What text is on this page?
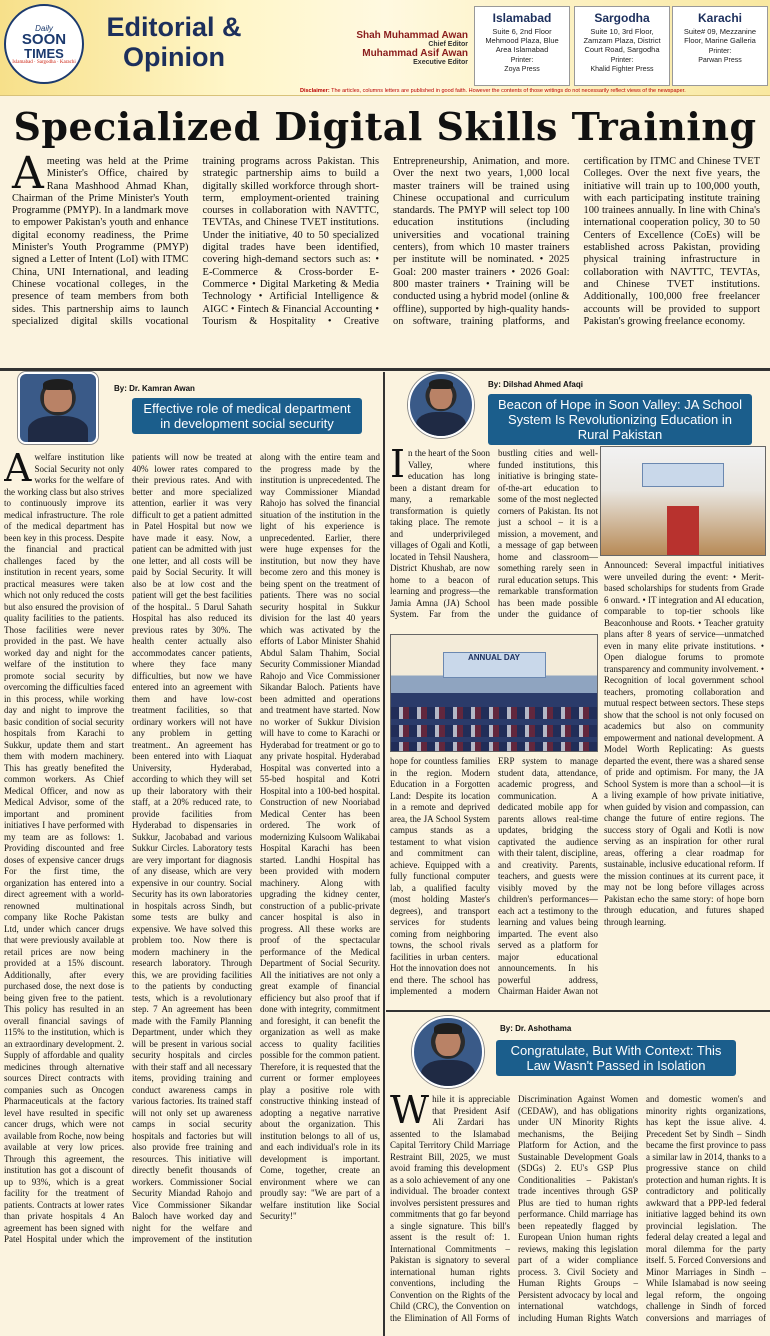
Daily
SOON
TIMES
Islamabad · Sargodha · Karachi
Editorial &
Opinion
Shah Muhammad Awan
Chief Editor
Muhammad Asif Awan
Executive Editor
Islamabad
Suite 6, 2nd Floor Mehmood Plaza, Blue Area Islamabad
Printer:
Zoya Press
Sargodha
Suite 10, 3rd Floor, Zamzam Plaza, District Court Road, Sargodha
Printer:
Khalid Fighter Press
Karachi
Suite# 09, Mezzanine Floor, Marine Galleria
Printer:
Parwan Press
Disclaimer: The articles, columns letters are published in good faith. However the contents of those writings do not necessarily reflect views of the newspaper.
Specialized Digital Skills Training
A meeting was held at the Prime Minister's Office, chaired by Rana Mashhood Ahmad Khan, Chairman of the Prime Minister's Youth Programme (PMYP). In a landmark move to empower Pakistan's youth and enhance digital economy readiness, the Prime Minister's Youth Programme (PMYP) signed a Letter of Intent (LoI) with ITMC China, UNI International, and leading Chinese vocational colleges, in the presence of team members from both sides. This partnership aims to launch specialized digital skills vocational training programs across Pakistan. This strategic partnership aims to build a digitally skilled workforce through short-term, employment-oriented training courses in collaboration with NAVTTC, TEVTAs, and Chinese TVET institutions. Under the initiative, 40 to 50 specialized digital trades have been identified, covering high-demand sectors such as: • E-Commerce & Cross-border E-Commerce • Digital Marketing & Media Technology • Artificial Intelligence & AIGC • Fintech & Financial Accounting • Tourism & Hospitality • Creative Entrepreneurship, Animation, and more. Over the next two years, 1,000 local master trainers will be trained using Chinese occupational and curriculum standards. The PMYP will select top 100 education institutions (including universities and vocational training centers), from which 10 master trainers per institute will be nominated. • 2025 Goal: 200 master trainers • 2026 Goal: 800 master trainers • Training will be conducted using a hybrid model (online & offline), supported by high-quality hands-on software, training platforms, and certification by ITMC and Chinese TVET Colleges. Over the next five years, the initiative will train up to 100,000 youth, with each participating institute training 100 trainees annually. In line with China's international cooperation policy, 30 to 50 Centers of Excellence (CoEs) will be established across Pakistan, providing physical training infrastructure in collaboration with NAVTTC, TEVTAs, and Chinese TVET institutions. Additionally, 100,000 free freelancer accounts will be provided to support Pakistan's growing freelance economy.
By: Dr. Kamran Awan
Effective role of medical department in development social security
A welfare institution like Social Security not only works for the welfare of the working class but also strives to continuously improve its medical infrastructure. The role of the medical department has been key in this process. Despite the financial and practical challenges faced by the institution in recent years, some practical measures were taken which not only reduced the costs but also ensured the provision of quality facilities to the patients. Those facilities were never provided in the past. We have worked day and night for the welfare of the institution to promote social security by overcoming the difficulties faced in this process, while working day and night to improve the basic condition of social security hospitals from Karachi to Sukkur, update them and start them with modern machinery. This has greatly benefited the common workers. As Chief Medical Officer, and now as Medical Advisor, some of the important and prominent initiatives I have performed with my team are as follows: 1. Providing discounted and free doses of expensive cancer drugs For the first time, the organization has entered into a direct agreement with a world-renowned multinational company like Roche Pakistan Ltd, under which cancer drugs that were previously available at retail prices are now being provided at a 15% discount. Additionally, after every purchased dose, the next dose is being given free to the patient. This policy has resulted in an overall financial savings of 115% to the institution, which is an extraordinary development. 2. Supply of affordable and quality medicines through alternative sources Direct contracts with companies such as Oncogen Pharmaceuticals at the factory level have resulted in specific cancer drugs, which were not available from Roche, now being available at very low prices. Through this agreement, the institution has got a discount of up to 93%, which is a great facility for the treatment of patients. Contracts at lower rates than private hospitals 4 An agreement has been signed with Patel Hospital under which the patients will now be treated at 40% lower rates compared to their previous rates. And with better and more specialized attention, earlier it was very difficult to get a patient admitted in Patel Hospital but now we have made it easy. Now, a patient can be admitted with just one letter, and all costs will be paid by Social Security. It will also be at low cost and the patient will get the best facilities of the hospital.. 5 Darul Sahath Hospital has also reduced its previous rates by 30%. The health center actually also accommodates cancer patients, where they face many difficulties, but now we have entered into an agreement with them and have low-cost treatment facilities, so that ordinary workers will not have any problem in getting treatment.. An agreement has been entered into with Liaquat University, Hyderabad, according to which they will set up their laboratory with their staff, at a 20% reduced rate, to provide facilities from Hyderabad to dispensaries in Sukkur, Jacobabad and various Sukkur Circles. Laboratory tests are very important for diagnosis of any disease, which are very expensive in our country. Social Security has its own laboratories in hospitals across Sindh, but some tests are bulky and expensive. We have solved this problem too. Now there is modern machinery in the research laboratory. Through this, we are providing facilities to the patients by conducting tests, which is a revolutionary step. 7 An agreement has been made with the Family Planning Department, under which they will be present in various social security hospitals and circles with their staff and all necessary items, providing training and conduct awareness camps in various factories. Its trained staff will not only set up awareness camps in social security hospitals and factories but will also provide free training and resources. This initiative will directly benefit thousands of workers. Commissioner Social Security Miandad Rahojo and Vice Commissioner Sikandar Baloch have worked day and night for the welfare and improvement of the institution along with the entire team and the progress made by the institution is unprecedented. The way Commissioner Miandad Rahojo has solved the financial situation of the institution in the light of his experience is unprecedented. Earlier, there were huge expenses for the institution, but now they have become zero and this money is being spent on the treatment of patients. There was no social security hospital in Sukkur division for the last 40 years which was activated by the efforts of Labor Minister Shahid Abdul Salam Thahim, Social Security Commissioner Miandad Rahojo and Vice Commissioner Sikandar Baloch. Patients have been admitted and operations and treatment have started. Now no worker of Sukkur Division will have to come to Karachi or Hyderabad for treatment or go to any private hospital. Hyderabad Hospital was converted into a 55-bed hospital and Kotri Hospital into a 100-bed hospital. Construction of new Nooriabad Medical Center has been ordered. The work of modernizing Kulsoom Walikabai Hospital Karachi has been started. Landhi Hospital has been provided with modern machinery. Along with upgrading the kidney center, construction of a public-private cancer hospital is also in progress. All these works are proof of the spectacular performance of the Medical Department of Social Security. All the initiatives are not only a great example of financial efficiency but also proof that if done with integrity, commitment and foresight, it can benefit the organization as well as make access to quality facilities possible for the common patient. Therefore, it is requested that the current or former employees play a positive role with constructive thinking instead of adopting a negative narrative about the organization. This institution belongs to all of us, and each individual's role in its development is important. Come, together, create an environment where we can proudly say: "We are part of a welfare institution like Social Security!"
By: Dilshad Ahmed Afaqi
Beacon of Hope in Soon Valley: JA School System Is Revolutionizing Education in Rural Pakistan
In the heart of the Soon Valley, where education has long been a distant dream for many, a remarkable transformation is quietly taking place. The remote and underprivileged villages of Ogali and Kotli, located in Tehsil Naushera, District Khushab, are now home to a beacon of learning and progress—the Jamia Amna (JA) School System. Far from the bustling cities and well-funded institutions, this initiative is bringing state-of-the-art education to some of the most neglected corners of Pakistan. Its not just a school – it is a mission, a movement, and a message of gap between home and classroom—something rarely seen in rural education setups. This remarkable transformation has been made possible under the guidance of
ANNUAL DAY
hope for countless families in the region. Modern Education in a Forgotten Land: Despite its location in a remote and deprived area, the JA School System campus stands as a testament to what vision and commitment can achieve. Equipped with a fully functional computer lab, a qualified faculty (most holding Master's degrees), and transport services for students coming from neighboring towns, the school rivals facilities in urban centers. Hot the innovation does not end there. The school has implemented a modern ERP system to manage student data, attendance, academic progress, and communication. A dedicated mobile app for parents allows real-time updates, bridging the captivated the audience with their talent, discipline, and creativity. Parents, teachers, and guests were visibly moved by the children's performances—each act a testimony to the learning and values being imparted. The event also served as a platform for major educational announcements. In his powerful address, Chairman Haider Awan not
Announced: Several impactful initiatives were unveiled during the event: • Merit-based scholarships for students from Grade 6 onward. • IT integration and AI education, comparable to top-tier schools like Beaconhouse and Roots. • Teacher gratuity plans after 8 years of service—unmatched even in many elite private institutions. • Open dialogue forums to promote transparency and community involvement. • Recognition of local government school teachers, promoting collaboration and mutual respect between sectors. These steps show that the school is not only focused on academics but also on community empowerment and national development. A Model Worth Replicating: As guests departed the event, there was a shared sense of pride and optimism. For many, the JA School System is more than a school—it is a living example of how private initiative, when guided by vision and compassion, can change the future of entire regions. The success story of Ogali and Kotli is now serving as an inspiration for other rural areas, offering a clear roadmap for sustainable, inclusive educational reform. If the mission continues at its current pace, it may not be long before villages across Pakistan echo the same story: of hope born through education, and futures shaped through learning.
By: Dr. Ashothama
Congratulate, But With Context: This Law Wasn't Passed in Isolation
While it is appreciable that President Asif Ali Zardari has assented to the Islamabad Capital Territory Child Marriage Restraint Bill, 2025, we must avoid framing this development as a solo achievement of any one individual. The broader context involves persistent pressures and commitments that go far beyond a single signature. This bill's assent is the result of: 1. International Commitments – Pakistan is signatory to several international human rights conventions, including the Convention on the Rights of the Child (CRC), the Convention on the Elimination of All Forms of Discrimination Against Women (CEDAW), and has obligations under UN Minority Rights mechanisms, the Beijing Platform for Action, and the Sustainable Development Goals (SDGs) 2. EU's GSP Plus Conditionalities – Pakistan's trade incentives through GSP Plus are tied to human rights performance. Child marriage has been repeatedly flagged by European Union human rights reviews, making this legislation part of a wider compliance process. 3. Civil Society and Human Rights Groups – Persistent advocacy by local and international watchdogs, including Human Rights Watch and domestic women's and minority rights organizations, has kept the issue alive. 4. Precedent Set by Sindh – Sindh became the first province to pass a similar law in 2014, thanks to a progressive stance on child protection and human rights. It is contradictory and politically awkward that a PPP-led federal initiative lagged behind its own provincial legislation. The federal delay created a legal and moral dilemma for the party itself. 5. Forced Conversions and Minor Marriages in Sindh – While Islamabad is now seeing legal reform, the ongoing challenge in Sindh of forced conversions and marriages of
